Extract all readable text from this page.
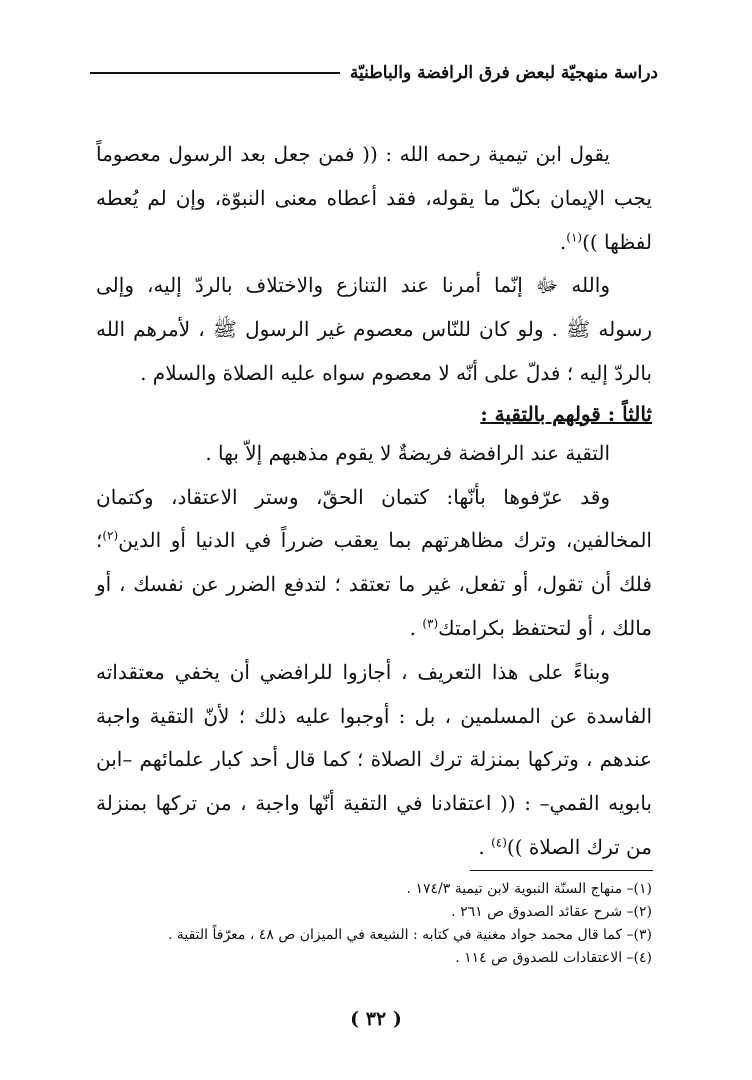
دراسة منهجيّة لبعض فرق الرافضة والباطنيّة

يقول ابن تيمية رحمه الله : (( فمن جعل بعد الرسول معصوماً يجب الإيمان بكلّ ما يقوله، فقد أعطاه معنى النبوّة، وإن لم يُعطه لفظها ))$^{(١)}$.

والله ﷻ إنّما أمرنا عند التنازع والاختلاف بالردّ إليه، وإلى رسوله ﷺ . ولو كان للنّاس معصوم غير الرسول ﷺ ، لأمرهم الله بالردّ إليه ؛ فدلّ على أنّه لا معصوم سواه عليه الصلاة والسلام .

ثالثاً : قولهم بالتقية :

التقية عند الرافضة فريضةٌ لا يقوم مذهبهم إلاّ بها .

وقد عرّفوها بأنّها: كتمان الحقّ، وستر الاعتقاد، وكتمان المخالفين، وترك مظاهرتهم بما يعقب ضرراً في الدنيا أو الدين$^{(٢)}$؛ فلك أن تقول، أو تفعل، غير ما تعتقد ؛ لتدفع الضرر عن نفسك ، أو مالك ، أو لتحتفظ بكرامتك$^{(٣)}$ .

وبناءً على هذا التعريف ، أجازوا للرافضي أن يخفي معتقداته الفاسدة عن المسلمين ، بل : أوجبوا عليه ذلك ؛ لأنّ التقية واجبة عندهم ، وتركها بمنزلة ترك الصلاة ؛ كما قال أحد كبار علمائهم –ابن بابويه القمي– : (( اعتقادنا في التقية أنّها واجبة ، من تركها بمنزلة من ترك الصلاة ))$^{(٤)}$ .

(١)– منهاج السنّة النبوية لابن تيمية ١٧٤/٣ .
(٢)– شرح عقائد الصدوق ص ٢٦١ .
(٣)– كما قال محمد جواد مغنية في كتابه : الشيعة في الميزان ص ٤٨ ، معرّفاً التقية .
(٤)– الاعتقادات للصدوق ص ١١٤ .
( ٣٢ )
